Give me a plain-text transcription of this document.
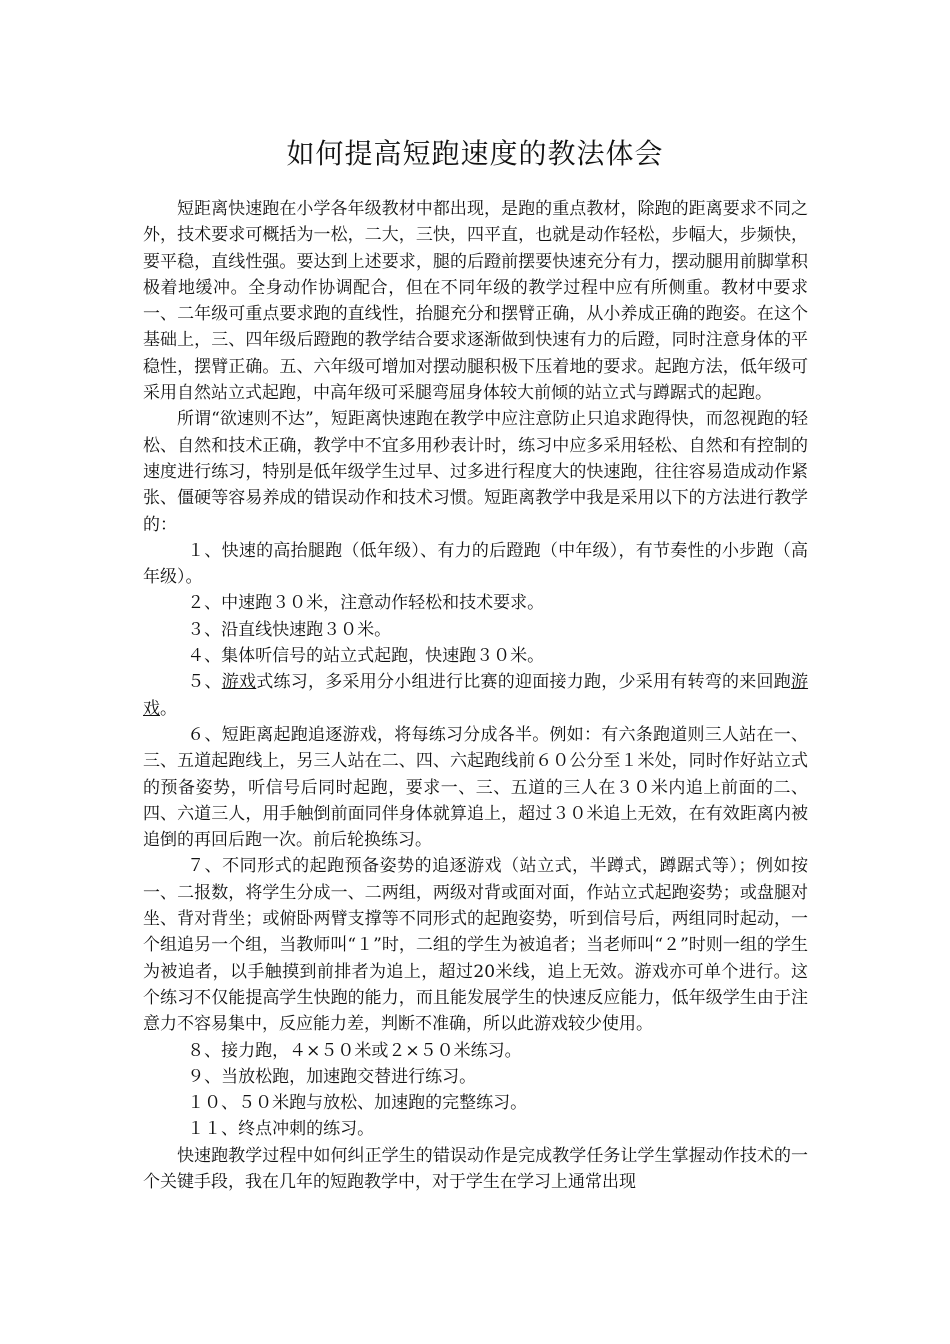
如何提高短跑速度的教法体会

短距离快速跑在小学各年级教材中都出现，是跑的重点教材，除跑的距离要求不同之外，技术要求可概括为一松，二大，三快，四平直，也就是动作轻松，步幅大，步频快，要平稳，直线性强。要达到上述要求，腿的后蹬前摆要快速充分有力，摆动腿用前脚掌积极着地缓冲。全身动作协调配合，但在不同年级的教学过程中应有所侧重。教材中要求一、二年级可重点要求跑的直线性，抬腿充分和摆臂正确，从小养成正确的跑姿。在这个基础上，三、四年级后蹬跑的教学结合要求逐渐做到快速有力的后蹬，同时注意身体的平稳性，摆臂正确。五、六年级可增加对摆动腿积极下压着地的要求。起跑方法，低年级可采用自然站立式起跑，中高年级可采腿弯屈身体较大前倾的站立式与蹲踞式的起跑。

所谓“欲速则不达”，短距离快速跑在教学中应注意防止只追求跑得快，而忽视跑的轻松、自然和技术正确，教学中不宜多用秒表计时，练习中应多采用轻松、自然和有控制的速度进行练习，特别是低年级学生过早、过多进行程度大的快速跑，往往容易造成动作紧张、僵硬等容易养成的错误动作和技术习惯。短距离教学中我是采用以下的方法进行教学的：

１、快速的高抬腿跑（低年级）、有力的后蹬跑（中年级），有节奏性的小步跑（高年级）。

２、中速跑３０米，注意动作轻松和技术要求。

３、沿直线快速跑３０米。

４、集体听信号的站立式起跑，快速跑３０米。

５、游戏式练习，多采用分小组进行比赛的迎面接力跑，少采用有转弯的来回跑游戏。

６、短距离起跑追逐游戏，将每练习分成各半。例如：有六条跑道则三人站在一、三、五道起跑线上，另三人站在二、四、六起跑线前６０公分至１米处，同时作好站立式的预备姿势，听信号后同时起跑，要求一、三、五道的三人在３０米内追上前面的二、四、六道三人，用手触倒前面同伴身体就算追上，超过３０米追上无效，在有效距离内被追倒的再回后跑一次。前后轮换练习。

７、不同形式的起跑预备姿势的追逐游戏（站立式，半蹲式，蹲踞式等）；例如按一、二报数，将学生分成一、二两组，两级对背或面对面，作站立式起跑姿势；或盘腿对坐、背对背坐；或俯卧两臂支撑等不同形式的起跑姿势，听到信号后，两组同时起动，一个组追另一个组，当教师叫“１”时，二组的学生为被追者；当老师叫“２”时则一组的学生为被追者，以手触摸到前排者为追上，超过20米线，追上无效。游戏亦可单个进行。这个练习不仅能提高学生快跑的能力，而且能发展学生的快速反应能力，低年级学生由于注意力不容易集中，反应能力差，判断不准确，所以此游戏较少使用。

８、接力跑，４×５０米或２×５０米练习。

９、当放松跑，加速跑交替进行练习。

１０、５０米跑与放松、加速跑的完整练习。

１１、终点冲刺的练习。

快速跑教学过程中如何纠正学生的错误动作是完成教学任务让学生掌握动作技术的一个关键手段，我在几年的短跑教学中，对于学生在学习上通常出现
